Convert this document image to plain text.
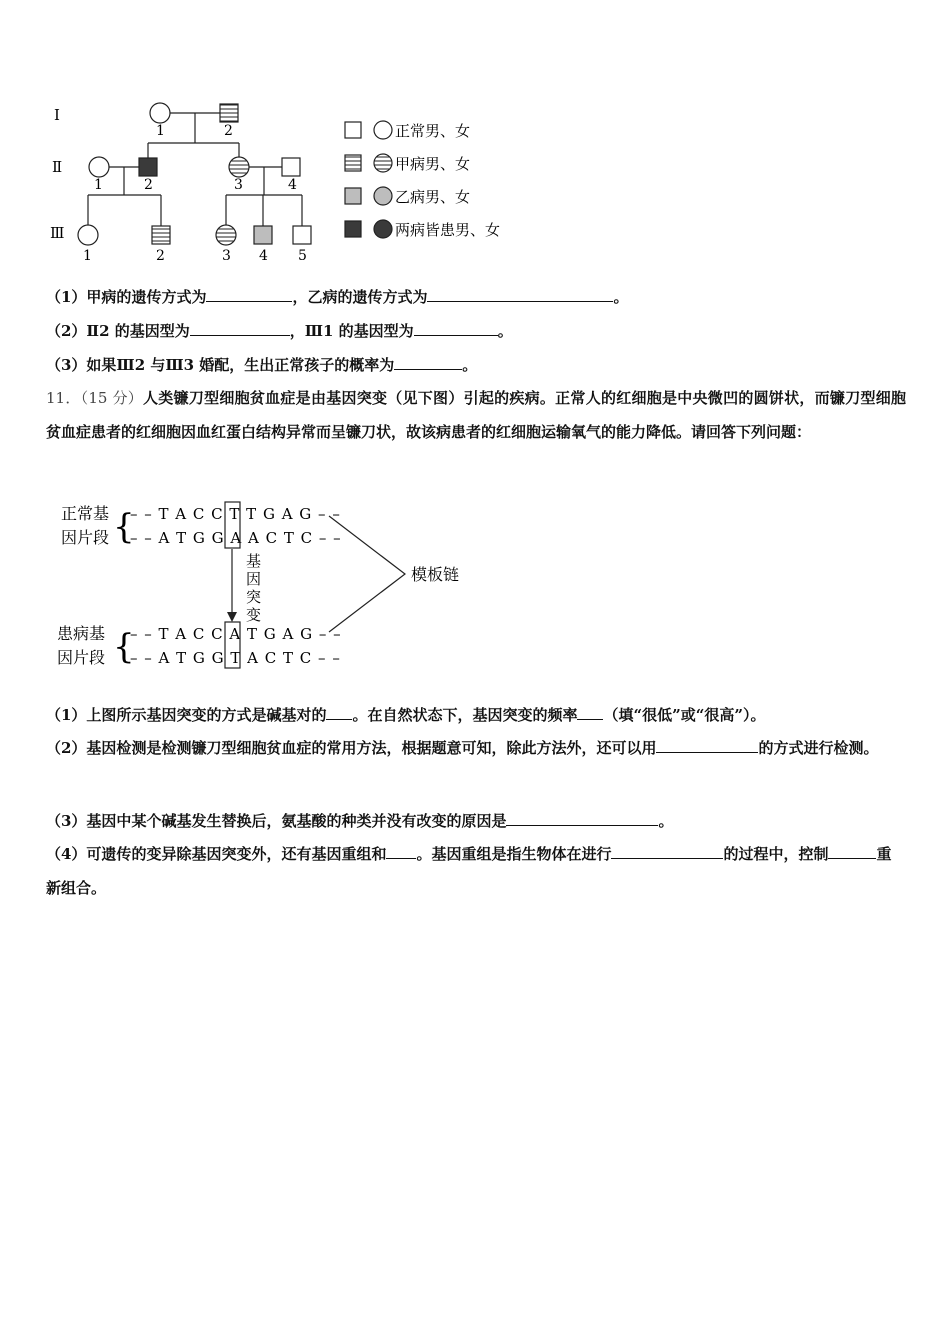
Ⅰ
Ⅱ
Ⅲ
1	2
1	2	3	4
1	2	3 4 5
正常男、女
甲病男、女
乙病男、女
两病皆患男、女
（1）甲病的遗传方式为	，乙病的遗传方式为	。
（2）Ⅱ2 的基因型为	，Ⅲ1 的基因型为	。
（3）如果Ⅲ2 与Ⅲ3 婚配，生出正常孩子的概率为	。
11．（15 分）人类镰刀型细胞贫血症是由基因突变（见下图）引起的疾病。正常人的红细胞是中央微凹的圆饼状，而镰刀型细胞贫血症患者的红细胞因血红蛋白结构异常而呈镰刀状，故该病患者的红细胞运输氧气的能力降低。请回答下列问题：
正常基
因片段 {
– – T A C C T T G A G – –
– – A T G G A A C T C – –
基
因
突
变
模板链
患病基
因片段 {
– – T A C C A T G A G – –
– – A T G G T A C T C – –
（1）上图所示基因突变的方式是碱基对的 。在自然状态下，基因突变的频率 （填“很低”或“很高”）。
（2）基因检测是检测镰刀型细胞贫血症的常用方法，根据题意可知，除此方法外，还可以用	的方式进行检测。
（3）基因中某个碱基发生替换后，氨基酸的种类并没有改变的原因是	。
（4）可遗传的变异除基因突变外，还有基因重组和 。基因重组是指生物体在进行	的过程中，控制	重新组合。
